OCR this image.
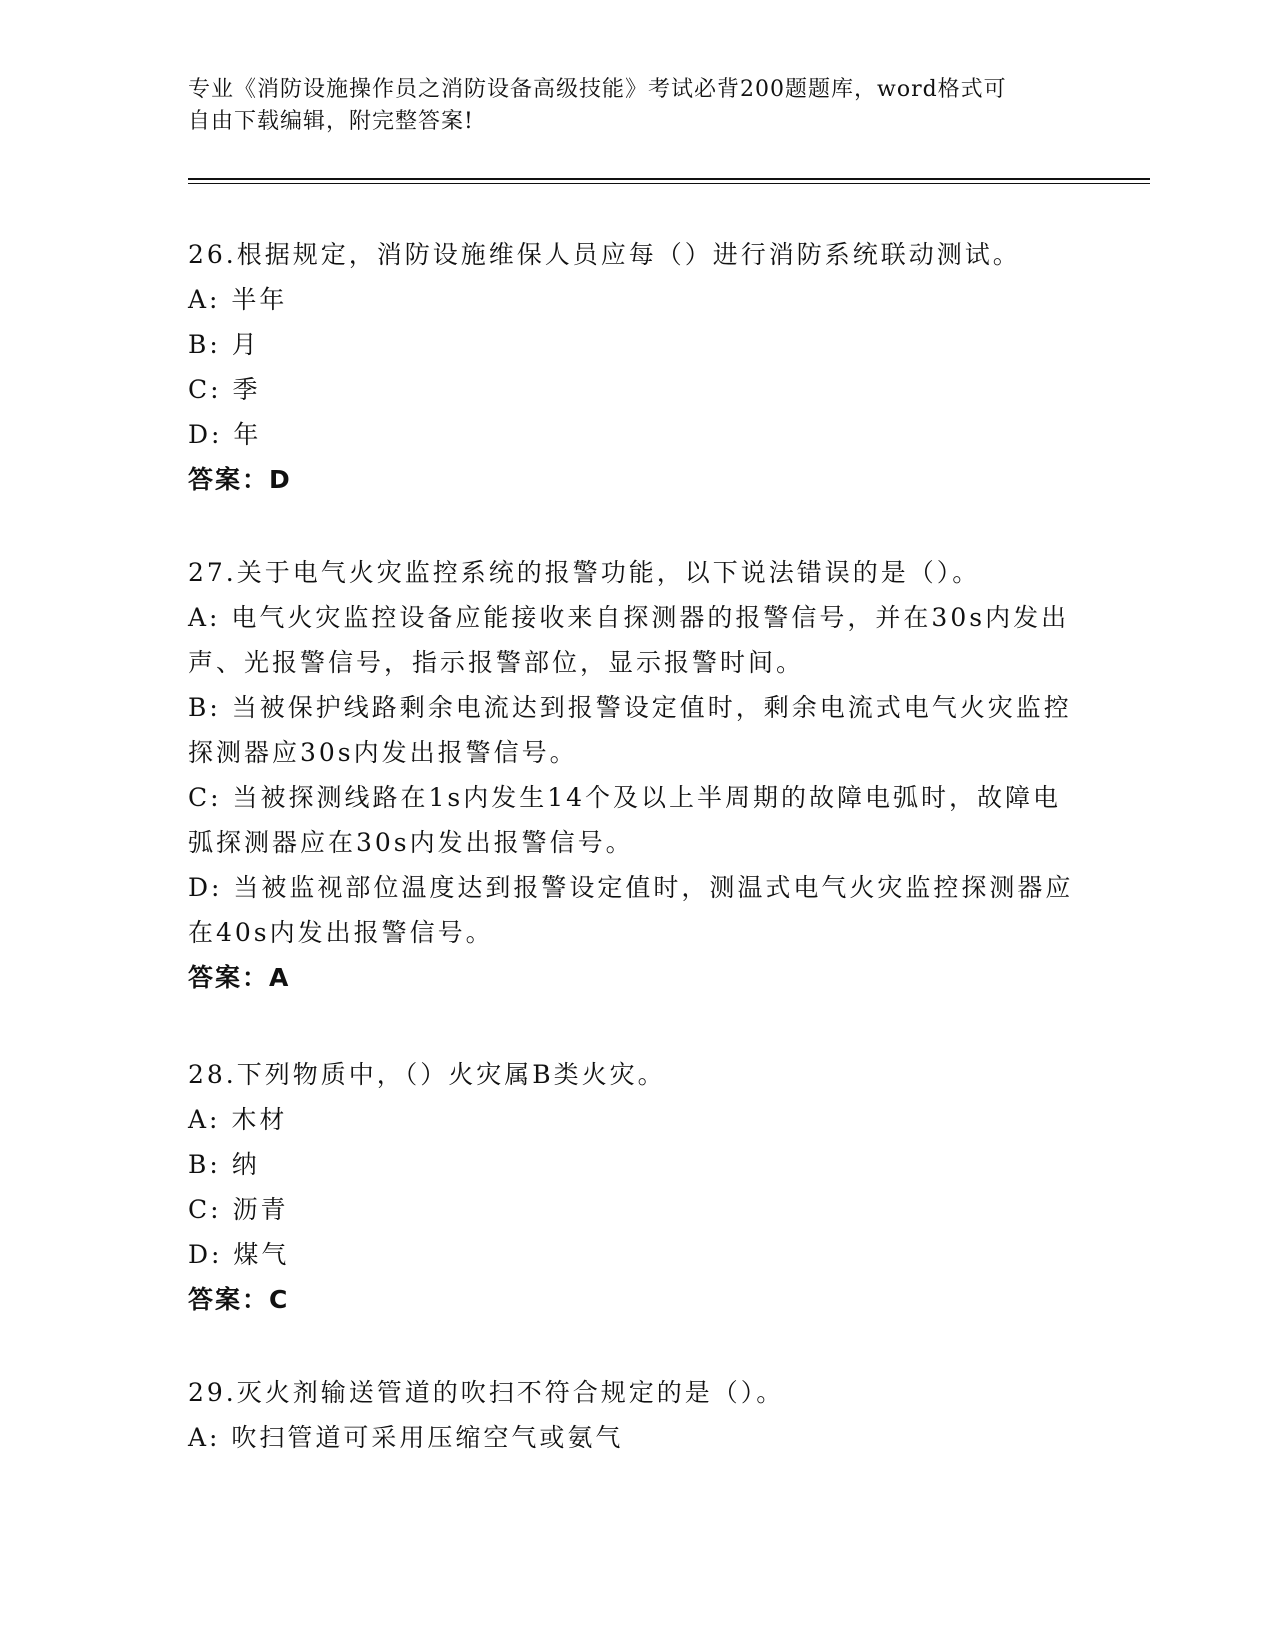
专业《消防设施操作员之消防设备高级技能》考试必背200题题库，word格式可
自由下载编辑，附完整答案!

26.根据规定，消防设施维保人员应每（）进行消防系统联动测试。

A: 半年

B: 月

C: 季

D: 年

答案：D

27.关于电气火灾监控系统的报警功能，以下说法错误的是（）。

A: 电气火灾监控设备应能接收来自探测器的报警信号，并在30s内发出声、光报警信号，指示报警部位，显示报警时间。

B: 当被保护线路剩余电流达到报警设定值时，剩余电流式电气火灾监控探测器应30s内发出报警信号。

C: 当被探测线路在1s内发生14个及以上半周期的故障电弧时，故障电弧探测器应在30s内发出报警信号。

D: 当被监视部位温度达到报警设定值时，测温式电气火灾监控探测器应在40s内发出报警信号。

答案：A

28.下列物质中，（）火灾属B类火灾。

A: 木材

B: 纳

C: 沥青

D: 煤气

答案：C

29.灭火剂输送管道的吹扫不符合规定的是（）。

A: 吹扫管道可采用压缩空气或氨气
